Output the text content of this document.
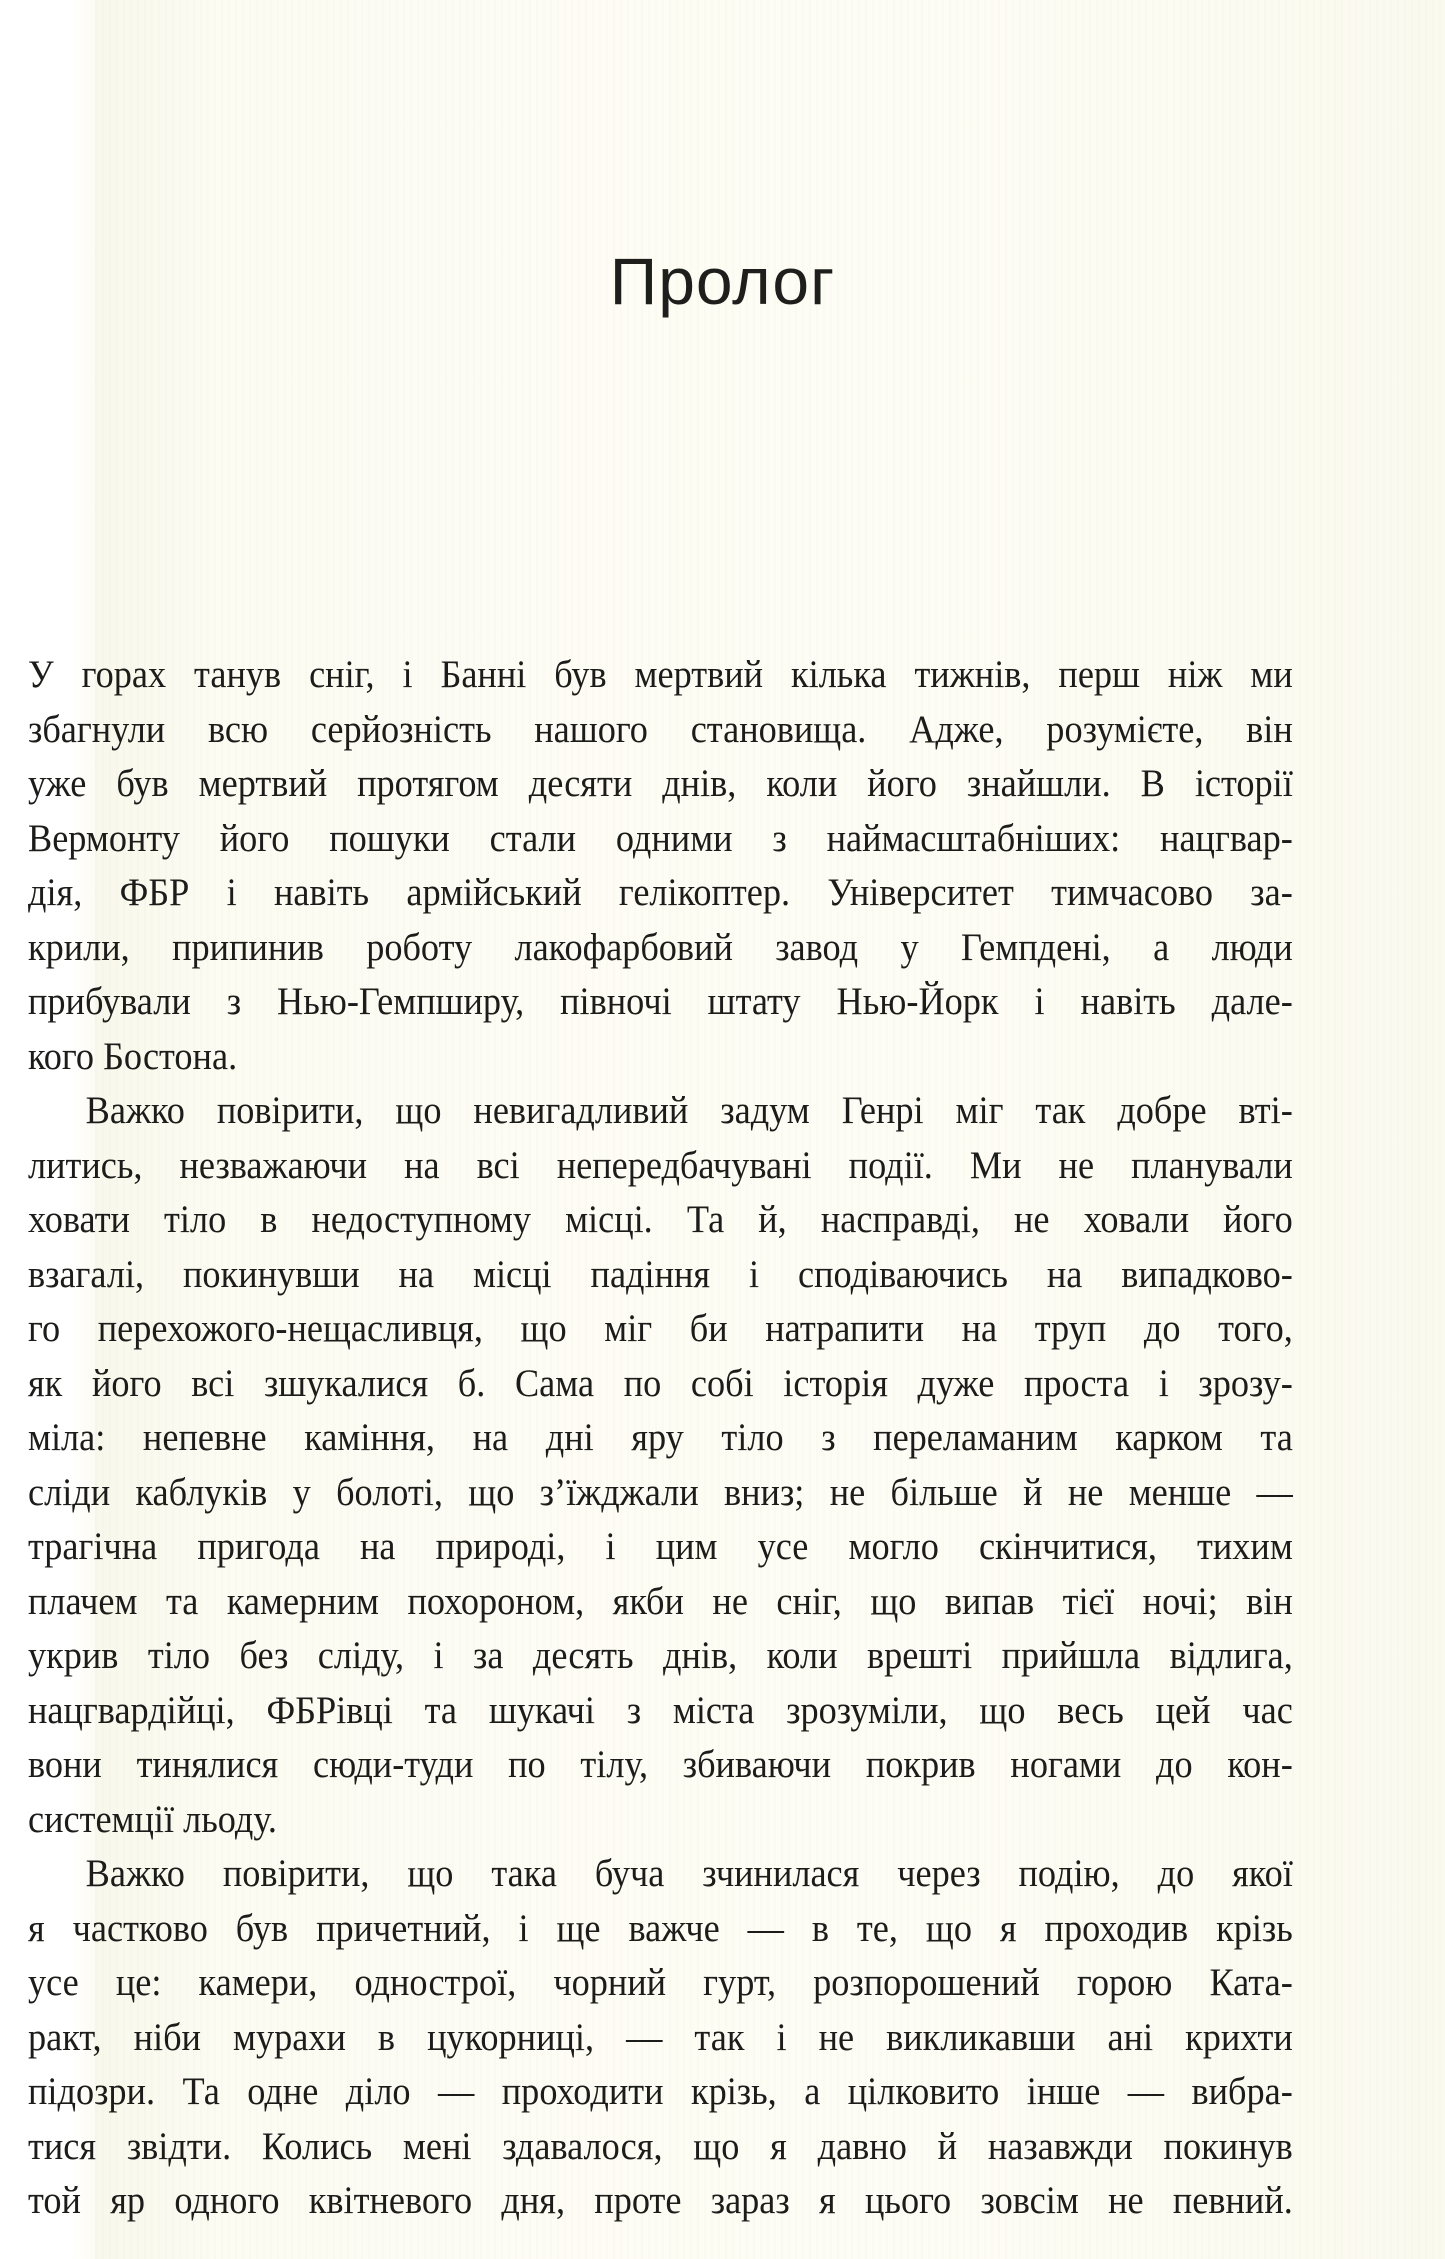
Пролог
У горах танув сніг, і Банні був мертвий кілька тижнів, перш ніж ми
збагнули всю серйозність нашого становища. Адже, розумієте, він
уже був мертвий протягом десяти днів, коли його знайшли. В історії
Вермонту його пошуки стали одними з наймасштабніших: нацгвар-
дія, ФБР і навіть армійський гелікоптер. Університет тимчасово за-
крили, припинив роботу лакофарбовий завод у Гемпдені, а люди
прибували з Нью-Гемпширу, півночі штату Нью-Йорк і навіть дале-
кого Бостона.
Важко повірити, що невигадливий задум Генрі міг так добре вті-
литись, незважаючи на всі непередбачувані події. Ми не планували
ховати тіло в недоступному місці. Та й, насправді, не ховали його
взагалі, покинувши на місці падіння і сподіваючись на випадково-
го перехожого-нещасливця, що міг би натрапити на труп до того,
як його всі зшукалися б. Сама по собі історія дуже проста і зрозу-
міла: непевне каміння, на дні яру тіло з переламаним карком та
сліди каблуків у болоті, що з’їжджали вниз; не більше й не менше —
трагічна пригода на природі, і цим усе могло скінчитися, тихим
плачем та камерним похороном, якби не сніг, що випав тієї ночі; він
укрив тіло без сліду, і за десять днів, коли врешті прийшла відлига,
нацгвардійці, ФБРівці та шукачі з міста зрозуміли, що весь цей час
вони тинялися сюди-туди по тілу, збиваючи покрив ногами до кон-
системції льоду.
Важко повірити, що така буча зчинилася через подію, до якої
я частково був причетний, і ще важче — в те, що я проходив крізь
усе це: камери, однострої, чорний гурт, розпорошений горою Ката-
ракт, ніби мурахи в цукорниці, — так і не викликавши ані крихти
підозри. Та одне діло — проходити крізь, а цілковито інше — вибра-
тися звідти. Колись мені здавалося, що я давно й назавжди покинув
той яр одного квітневого дня, проте зараз я цього зовсім не певний.
